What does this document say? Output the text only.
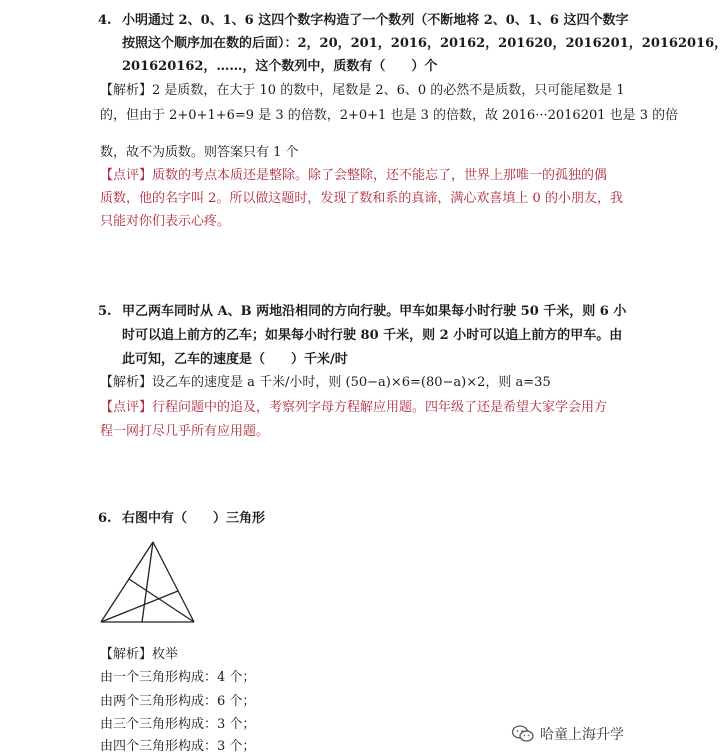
4. 小明通过 2、0、1、6 这四个数字构造了一个数列（不断地将 2、0、1、6 这四个数字
按照这个顺序加在数的后面）：2，20，201，2016，20162，201620，2016201，20162016，
201620162，……，这个数列中，质数有（　　）个
【解析】2 是质数，在大于 10 的数中，尾数是 2、6、0 的必然不是质数，只可能尾数是 1
的，但由于 2+0+1+6=9 是 3 的倍数，2+0+1 也是 3 的倍数，故 2016···2016201 也是 3 的倍
数，故不为质数。则答案只有 1 个
【点评】质数的考点本质还是整除。除了会整除，还不能忘了，世界上那唯一的孤独的偶
质数，他的名字叫 2。所以做这题时，发现了数和系的真谛，满心欢喜填上 0 的小朋友，我
只能对你们表示心疼。
5. 甲乙两车同时从 A、B 两地沿相同的方向行驶。甲车如果每小时行驶 50 千米，则 6 小
时可以追上前方的乙车；如果每小时行驶 80 千米，则 2 小时可以追上前方的甲车。由
此可知，乙车的速度是（　　）千米/时
【解析】设乙车的速度是 a 千米/小时，则 (50−a)×6=(80−a)×2，则 a=35
【点评】行程问题中的追及，考察列字母方程解应用题。四年级了还是希望大家学会用方
程一网打尽几乎所有应用题。
6. 右图中有（　　）三角形
【解析】枚举
由一个三角形构成：4 个；
由两个三角形构成：6 个；
由三个三角形构成：3 个；
由四个三角形构成：3 个；
哈童上海升学
